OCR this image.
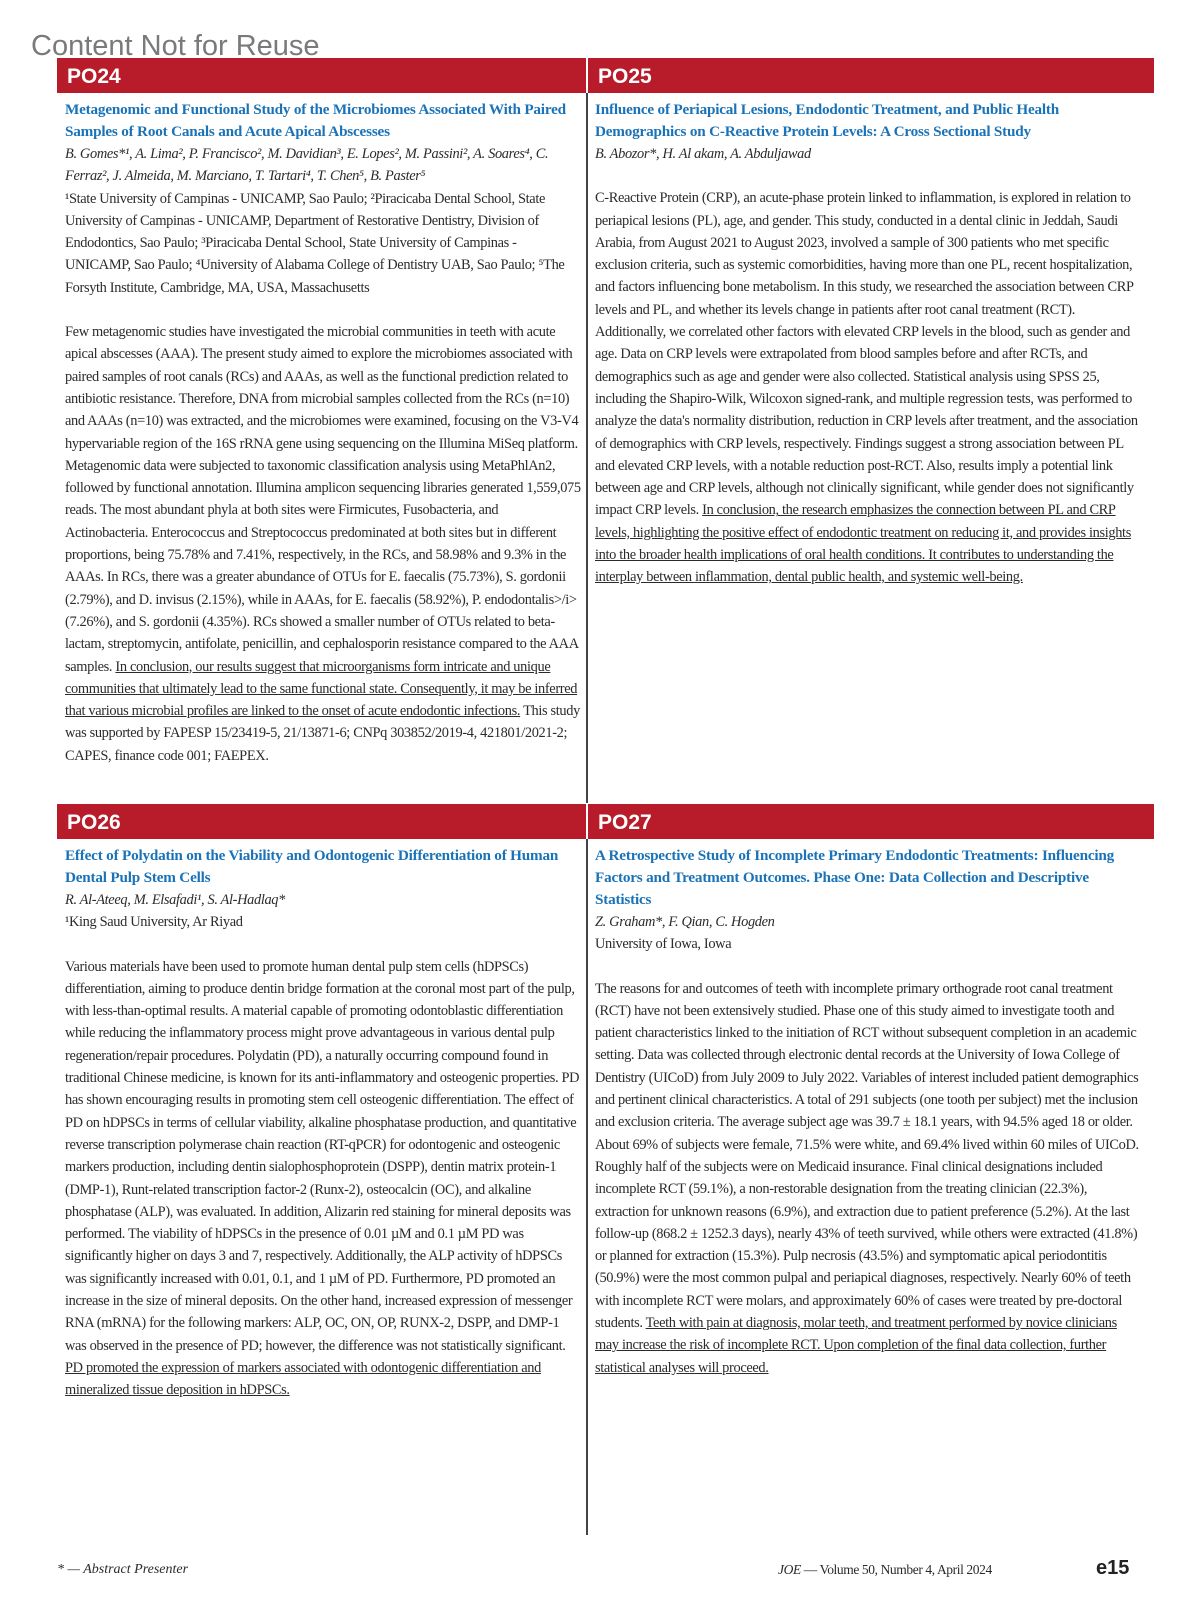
Content Not for Reuse
PO24	PO25
PO26	PO27
Metagenomic and Functional Study of the Microbiomes Associated With Paired Samples of Root Canals and Acute Apical Abscesses
B. Gomes*¹, A. Lima², P. Francisco², M. Davidian³, E. Lopes², M. Passini², A. Soares⁴, C. Ferraz², J. Almeida, M. Marciano, T. Tartari⁴, T. Chen⁵, B. Paster⁵
¹State University of Campinas - UNICAMP, Sao Paulo; ²Piracicaba Dental School, State University of Campinas - UNICAMP, Department of Restorative Dentistry, Division of Endodontics, Sao Paulo; ³Piracicaba Dental School, State University of Campinas - UNICAMP, Sao Paulo; ⁴University of Alabama College of Dentistry UAB, Sao Paulo; ⁵The Forsyth Institute, Cambridge, MA, USA, Massachusetts
Few metagenomic studies have investigated the microbial communities in teeth with acute apical abscesses (AAA). The present study aimed to explore the microbiomes associated with paired samples of root canals (RCs) and AAAs, as well as the functional prediction related to antibiotic resistance. Therefore, DNA from microbial samples collected from the RCs (n=10) and AAAs (n=10) was extracted, and the microbiomes were examined, focusing on the V3-V4 hypervariable region of the 16S rRNA gene using sequencing on the Illumina MiSeq platform. Metagenomic data were subjected to taxonomic classification analysis using MetaPhlAn2, followed by functional annotation. Illumina amplicon sequencing libraries generated 1,559,075 reads. The most abundant phyla at both sites were Firmicutes, Fusobacteria, and Actinobacteria. Enterococcus and Streptococcus predominated at both sites but in different proportions, being 75.78% and 7.41%, respectively, in the RCs, and 58.98% and 9.3% in the AAAs. In RCs, there was a greater abundance of OTUs for E. faecalis (75.73%), S. gordonii (2.79%), and D. invisus (2.15%), while in AAAs, for E. faecalis (58.92%), P. endodontalis>/i> (7.26%), and S. gordonii (4.35%). RCs showed a smaller number of OTUs related to beta-lactam, streptomycin, antifolate, penicillin, and cephalosporin resistance compared to the AAA samples. In conclusion, our results suggest that microorganisms form intricate and unique communities that ultimately lead to the same functional state. Consequently, it may be inferred that various microbial profiles are linked to the onset of acute endodontic infections. This study was supported by FAPESP 15/23419-5, 21/13871-6; CNPq 303852/2019-4, 421801/2021-2; CAPES, finance code 001; FAEPEX.
Influence of Periapical Lesions, Endodontic Treatment, and Public Health Demographics on C-Reactive Protein Levels: A Cross Sectional Study
B. Abozor*, H. Al akam, A. Abduljawad
C-Reactive Protein (CRP), an acute-phase protein linked to inflammation, is explored in relation to periapical lesions (PL), age, and gender. This study, conducted in a dental clinic in Jeddah, Saudi Arabia, from August 2021 to August 2023, involved a sample of 300 patients who met specific exclusion criteria, such as systemic comorbidities, having more than one PL, recent hospitalization, and factors influencing bone metabolism. In this study, we researched the association between CRP levels and PL, and whether its levels change in patients after root canal treatment (RCT). Additionally, we correlated other factors with elevated CRP levels in the blood, such as gender and age. Data on CRP levels were extrapolated from blood samples before and after RCTs, and demographics such as age and gender were also collected. Statistical analysis using SPSS 25, including the Shapiro-Wilk, Wilcoxon signed-rank, and multiple regression tests, was performed to analyze the data's normality distribution, reduction in CRP levels after treatment, and the association of demographics with CRP levels, respectively. Findings suggest a strong association between PL and elevated CRP levels, with a notable reduction post-RCT. Also, results imply a potential link between age and CRP levels, although not clinically significant, while gender does not significantly impact CRP levels. In conclusion, the research emphasizes the connection between PL and CRP levels, highlighting the positive effect of endodontic treatment on reducing it, and provides insights into the broader health implications of oral health conditions. It contributes to understanding the interplay between inflammation, dental public health, and systemic well-being.
Effect of Polydatin on the Viability and Odontogenic Differentiation of Human Dental Pulp Stem Cells
R. Al-Ateeq, M. Elsafadi¹, S. Al-Hadlaq*
¹King Saud University, Ar Riyad
Various materials have been used to promote human dental pulp stem cells (hDPSCs) differentiation, aiming to produce dentin bridge formation at the coronal most part of the pulp, with less-than-optimal results. A material capable of promoting odontoblastic differentiation while reducing the inflammatory process might prove advantageous in various dental pulp regeneration/repair procedures. Polydatin (PD), a naturally occurring compound found in traditional Chinese medicine, is known for its anti-inflammatory and osteogenic properties. PD has shown encouraging results in promoting stem cell osteogenic differentiation. The effect of PD on hDPSCs in terms of cellular viability, alkaline phosphatase production, and quantitative reverse transcription polymerase chain reaction (RT-qPCR) for odontogenic and osteogenic markers production, including dentin sialophosphoprotein (DSPP), dentin matrix protein-1 (DMP-1), Runt-related transcription factor-2 (Runx-2), osteocalcin (OC), and alkaline phosphatase (ALP), was evaluated. In addition, Alizarin red staining for mineral deposits was performed. The viability of hDPSCs in the presence of 0.01 µM and 0.1 µM PD was significantly higher on days 3 and 7, respectively. Additionally, the ALP activity of hDPSCs was significantly increased with 0.01, 0.1, and 1 µM of PD. Furthermore, PD promoted an increase in the size of mineral deposits. On the other hand, increased expression of messenger RNA (mRNA) for the following markers: ALP, OC, ON, OP, RUNX-2, DSPP, and DMP-1 was observed in the presence of PD; however, the difference was not statistically significant. PD promoted the expression of markers associated with odontogenic differentiation and mineralized tissue deposition in hDPSCs.
A Retrospective Study of Incomplete Primary Endodontic Treatments: Influencing Factors and Treatment Outcomes. Phase One: Data Collection and Descriptive Statistics
Z. Graham*, F. Qian, C. Hogden
University of Iowa, Iowa
The reasons for and outcomes of teeth with incomplete primary orthograde root canal treatment (RCT) have not been extensively studied. Phase one of this study aimed to investigate tooth and patient characteristics linked to the initiation of RCT without subsequent completion in an academic setting. Data was collected through electronic dental records at the University of Iowa College of Dentistry (UICoD) from July 2009 to July 2022. Variables of interest included patient demographics and pertinent clinical characteristics. A total of 291 subjects (one tooth per subject) met the inclusion and exclusion criteria. The average subject age was 39.7 ± 18.1 years, with 94.5% aged 18 or older. About 69% of subjects were female, 71.5% were white, and 69.4% lived within 60 miles of UICoD. Roughly half of the subjects were on Medicaid insurance. Final clinical designations included incomplete RCT (59.1%), a non-restorable designation from the treating clinician (22.3%), extraction for unknown reasons (6.9%), and extraction due to patient preference (5.2%). At the last follow-up (868.2 ± 1252.3 days), nearly 43% of teeth survived, while others were extracted (41.8%) or planned for extraction (15.3%). Pulp necrosis (43.5%) and symptomatic apical periodontitis (50.9%) were the most common pulpal and periapical diagnoses, respectively. Nearly 60% of teeth with incomplete RCT were molars, and approximately 60% of cases were treated by pre-doctoral students. Teeth with pain at diagnosis, molar teeth, and treatment performed by novice clinicians may increase the risk of incomplete RCT. Upon completion of the final data collection, further statistical analyses will proceed.
* — Abstract Presenter	JOE — Volume 50, Number 4, April 2024	e15
